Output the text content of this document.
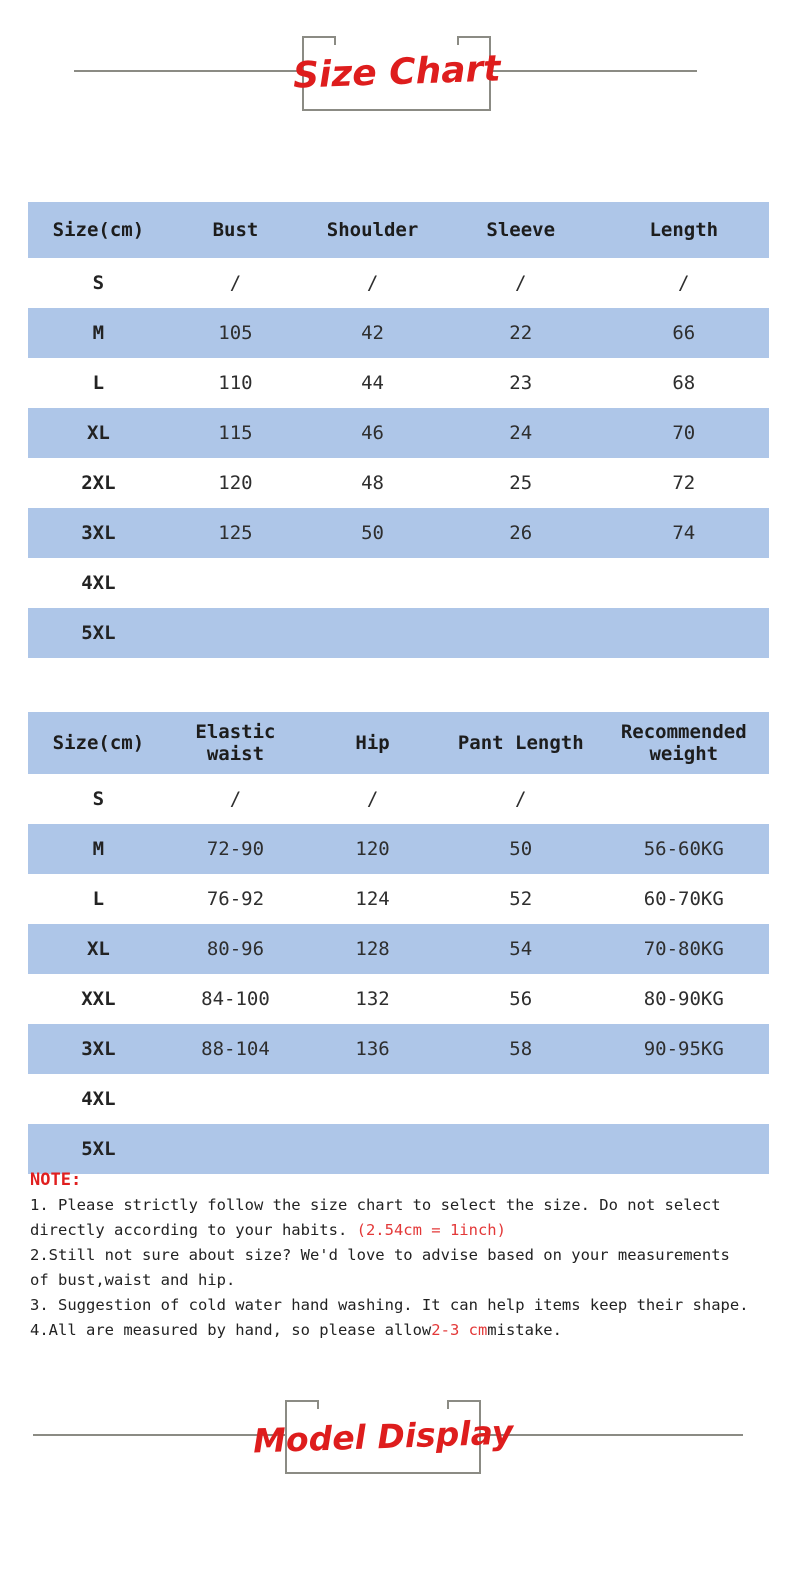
Size Chart
Size(cm)	Bust	Shoulder	Sleeve	Length
S	/	/	/	/
M	105	42	22	66
L	110	44	23	68
XL	115	46	24	70
2XL	120	48	25	72
3XL	125	50	26	74
4XL				
5XL				
Size(cm)	Elastic waist	Hip	Pant Length	Recommended weight
S	/	/	/	
M	72-90	120	50	56-60KG
L	76-92	124	52	60-70KG
XL	80-96	128	54	70-80KG
XXL	84-100	132	56	80-90KG
3XL	88-104	136	58	90-95KG
4XL				
5XL				

NOTE:

1. Please strictly follow the size chart to select the size. Do not select
directly according to your habits. (2.54cm = 1inch)

2.Still not sure about size? We'd love to advise based on your measurements
of bust,waist and hip.

3. Suggestion of cold water hand washing. It can help items keep their shape.

4.All are measured by hand, so please allow2-3 cmmistake.

Model Display
